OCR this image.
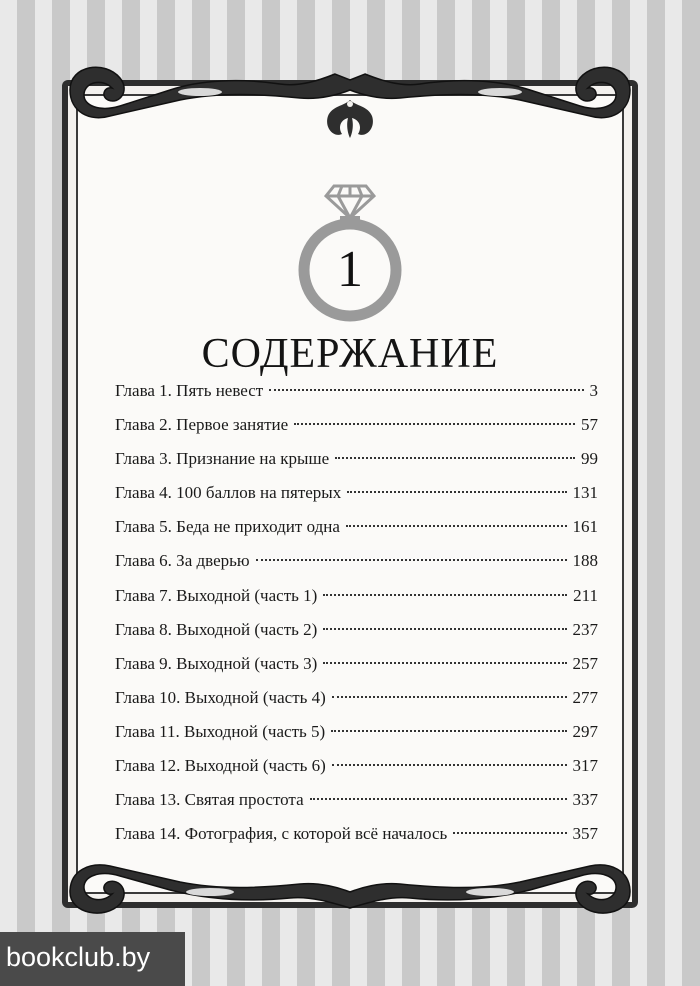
1
СОДЕРЖАНИЕ
Глава 1. Пять невест	3
Глава 2. Первое занятие	57
Глава 3. Признание на крыше	99
Глава 4. 100 баллов на пятерых	131
Глава 5. Беда не приходит одна	161
Глава 6. За дверью	188
Глава 7. Выходной (часть 1)	211
Глава 8. Выходной (часть 2)	237
Глава 9. Выходной (часть 3)	257
Глава 10. Выходной (часть 4)	277
Глава 11. Выходной (часть 5)	297
Глава 12. Выходной (часть 6)	317
Глава 13. Святая простота	337
Глава 14. Фотография, с которой всё началось	357
bookclub.by
